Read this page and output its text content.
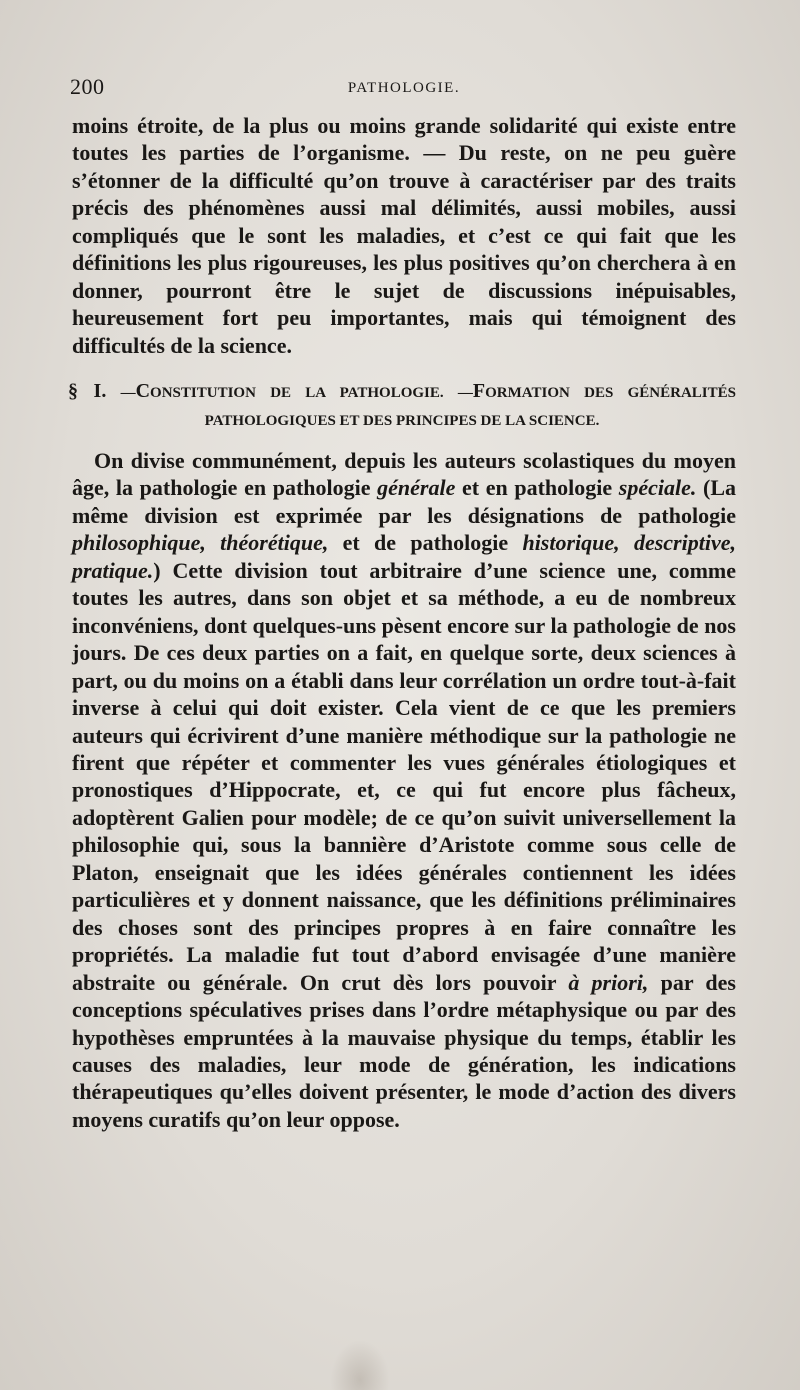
200	PATHOLOGIE.

moins étroite, de la plus ou moins grande solidarité qui existe entre toutes les parties de l’organisme. — Du reste, on ne peu guère s’étonner de la difficulté qu’on trouve à caractériser par des traits précis des phénomènes aussi mal délimités, aussi mobiles, aussi compliqués que le sont les maladies, et c’est ce qui fait que les définitions les plus rigoureuses, les plus positives qu’on cherchera à en donner, pourront être le sujet de discussions inépuisables, heureusement fort peu importantes, mais qui témoignent des difficultés de la science.

§ I. —CONSTITUTION DE LA PATHOLOGIE. —FORMATION DES GÉNÉRALITÉS
PATHOLOGIQUES ET DES PRINCIPES DE LA SCIENCE.

On divise communément, depuis les auteurs scolastiques du moyen âge, la pathologie en pathologie générale et en pathologie spéciale. (La même division est exprimée par les désignations de pathologie philosophique, théorétique, et de pathologie historique, descriptive, pratique.) Cette division tout arbitraire d’une science une, comme toutes les autres, dans son objet et sa méthode, a eu de nombreux inconvéniens, dont quelques-uns pèsent encore sur la pathologie de nos jours. De ces deux parties on a fait, en quelque sorte, deux sciences à part, ou du moins on a établi dans leur corrélation un ordre tout-à-fait inverse à celui qui doit exister. Cela vient de ce que les premiers auteurs qui écrivirent d’une manière méthodique sur la pathologie ne firent que répéter et commenter les vues générales étiologiques et pronostiques d’Hippocrate, et, ce qui fut encore plus fâcheux, adoptèrent Galien pour modèle; de ce qu’on suivit universellement la philosophie qui, sous la bannière d’Aristote comme sous celle de Platon, enseignait que les idées générales contiennent les idées particulières et y donnent naissance, que les définitions préliminaires des choses sont des principes propres à en faire connaître les propriétés. La maladie fut tout d’abord envisagée d’une manière abstraite ou générale. On crut dès lors pouvoir à priori, par des conceptions spéculatives prises dans l’ordre métaphysique ou par des hypothèses empruntées à la mauvaise physique du temps, établir les causes des maladies, leur mode de génération, les indications thérapeutiques qu’elles doivent présenter, le mode d’action des divers moyens curatifs qu’on leur oppose.
